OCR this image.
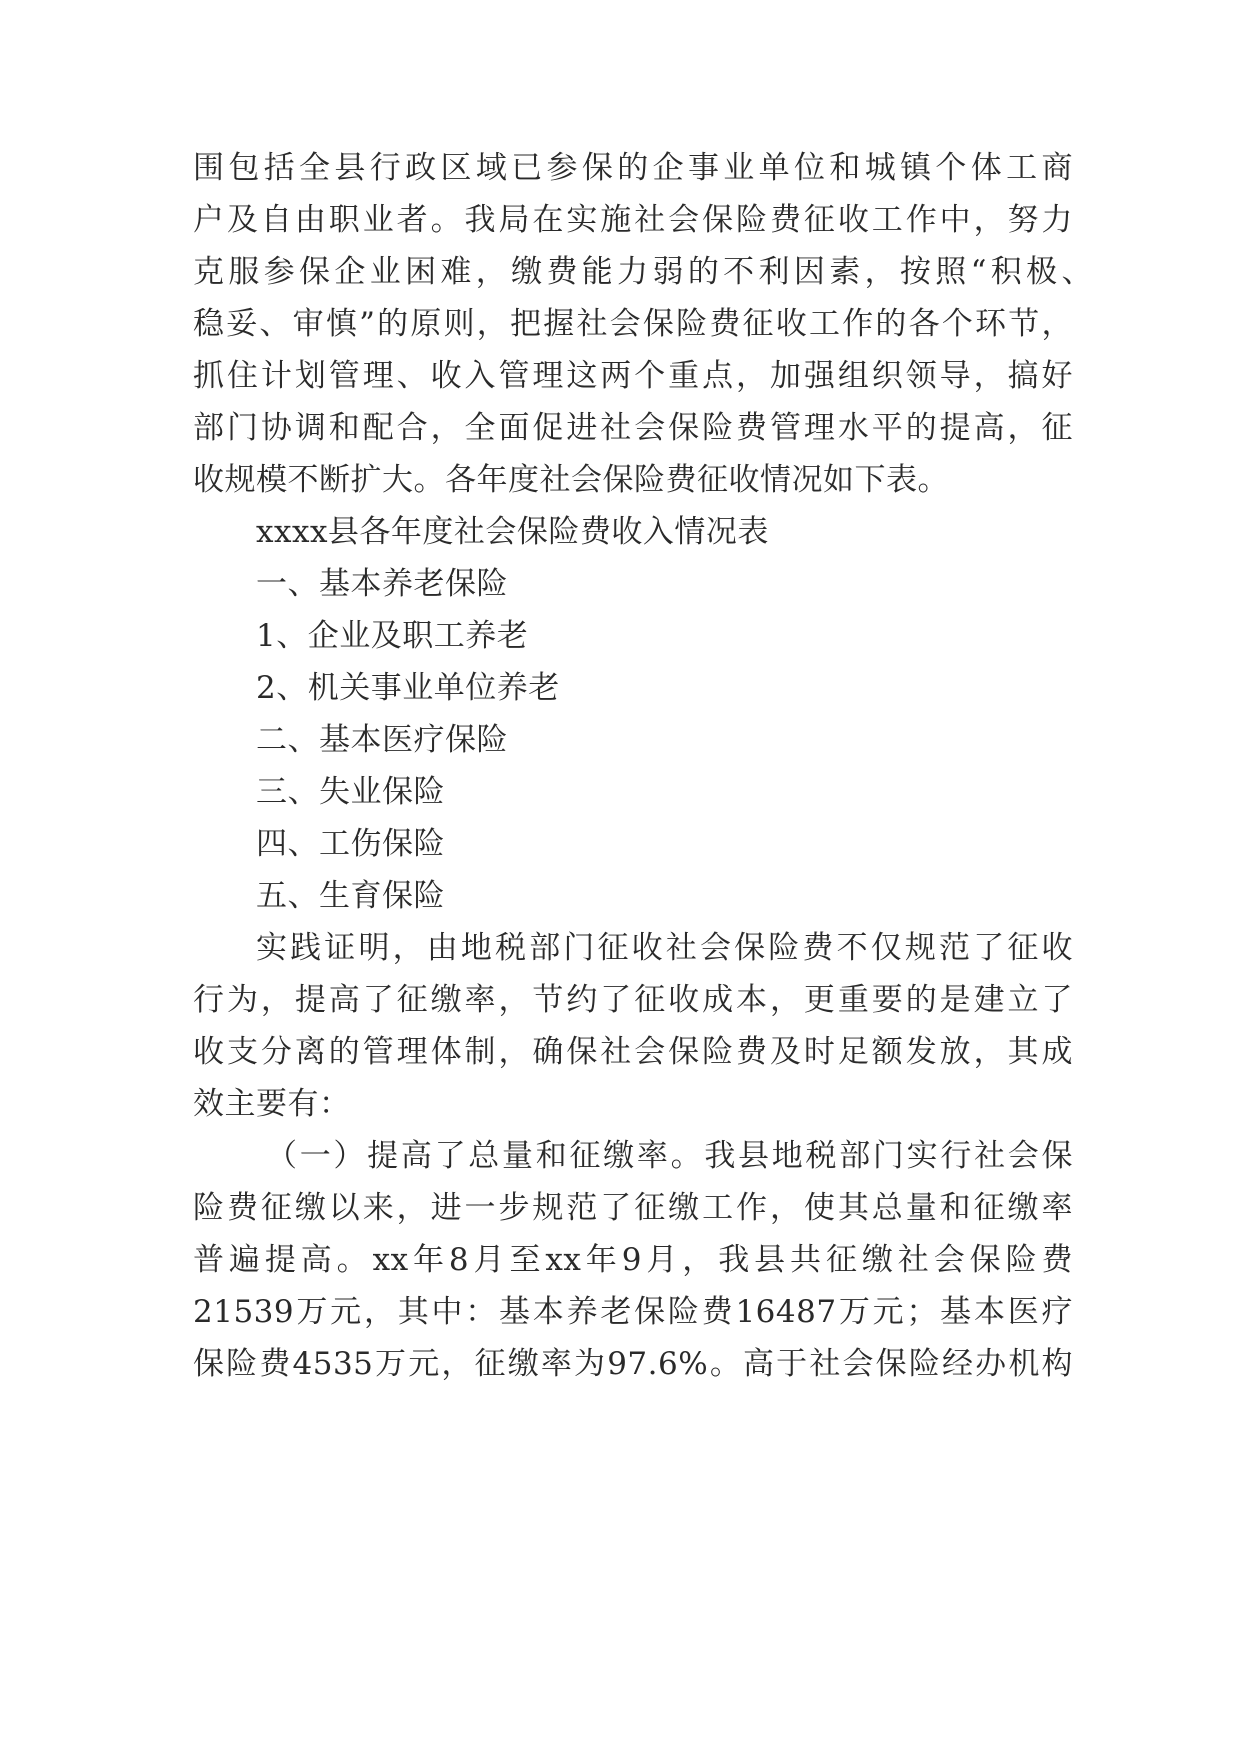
围包括全县行政区域已参保的企事业单位和城镇个体工商
户及自由职业者。我局在实施社会保险费征收工作中，努力
克服参保企业困难，缴费能力弱的不利因素，按照“积极、
稳妥、审慎”的原则，把握社会保险费征收工作的各个环节，
抓住计划管理、收入管理这两个重点，加强组织领导，搞好
部门协调和配合，全面促进社会保险费管理水平的提高，征
收规模不断扩大。各年度社会保险费征收情况如下表。
xxxx县各年度社会保险费收入情况表
一、基本养老保险
1、企业及职工养老
2、机关事业单位养老
二、基本医疗保险
三、失业保险
四、工伤保险
五、生育保险
实践证明，由地税部门征收社会保险费不仅规范了征收
行为，提高了征缴率，节约了征收成本，更重要的是建立了
收支分离的管理体制，确保社会保险费及时足额发放，其成
效主要有：
（一）提高了总量和征缴率。我县地税部门实行社会保
险费征缴以来，进一步规范了征缴工作，使其总量和征缴率
普遍提高。xx年8月至xx年9月，我县共征缴社会保险费
21539万元，其中：基本养老保险费16487万元；基本医疗
保险费4535万元，征缴率为97.6%。高于社会保险经办机构
